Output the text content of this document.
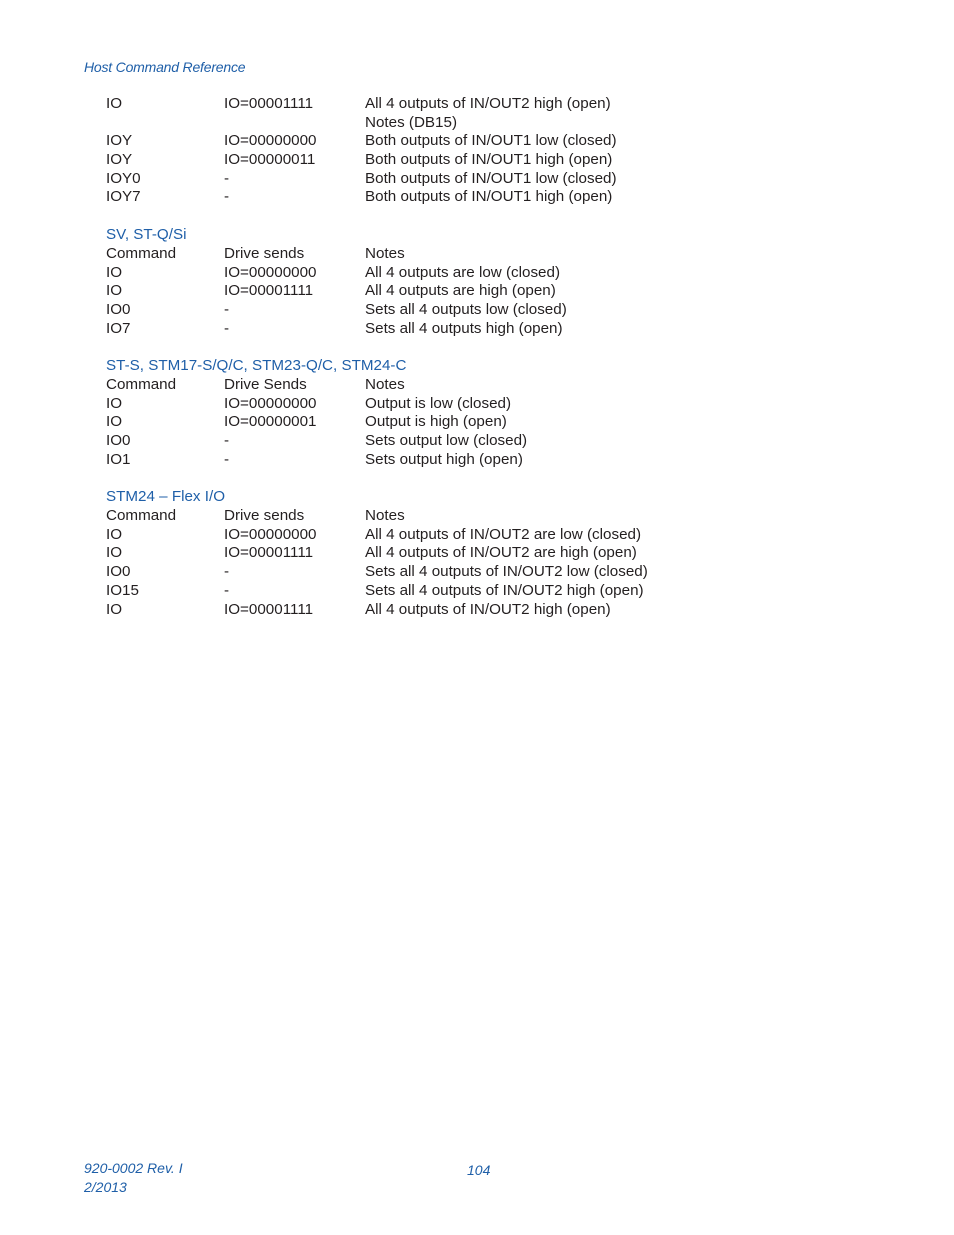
Host Command Reference
IO	IO=00001111	All 4 outputs of IN/OUT2 high (open)
Notes (DB15)
IOY	IO=00000000	Both outputs of IN/OUT1 low (closed)
IOY	IO=00000011	Both outputs of IN/OUT1 high (open)
IOY0	-	Both outputs of IN/OUT1 low (closed)
IOY7	-	Both outputs of IN/OUT1 high (open)
SV, ST-Q/Si
Command	Drive sends	Notes
IO	IO=00000000	All 4 outputs are low (closed)
IO	IO=00001111	All 4 outputs are high (open)
IO0	-	Sets all 4 outputs low (closed)
IO7	-	Sets all 4 outputs high (open)
ST-S, STM17-S/Q/C, STM23-Q/C, STM24-C
Command	Drive Sends	Notes
IO	IO=00000000	Output is low (closed)
IO	IO=00000001	Output is high (open)
IO0	-	Sets output low (closed)
IO1	-	Sets output high (open)
STM24 – Flex I/O
Command	Drive sends	Notes
IO	IO=00000000	All 4 outputs of IN/OUT2 are low (closed)
IO	IO=00001111	All 4 outputs of IN/OUT2 are high (open)
IO0	-	Sets all 4 outputs of IN/OUT2 low (closed)
IO15	-	Sets all 4 outputs of IN/OUT2 high (open)
IO	IO=00001111	All 4 outputs of IN/OUT2 high (open)
920-0002 Rev. I
2/2013
104
